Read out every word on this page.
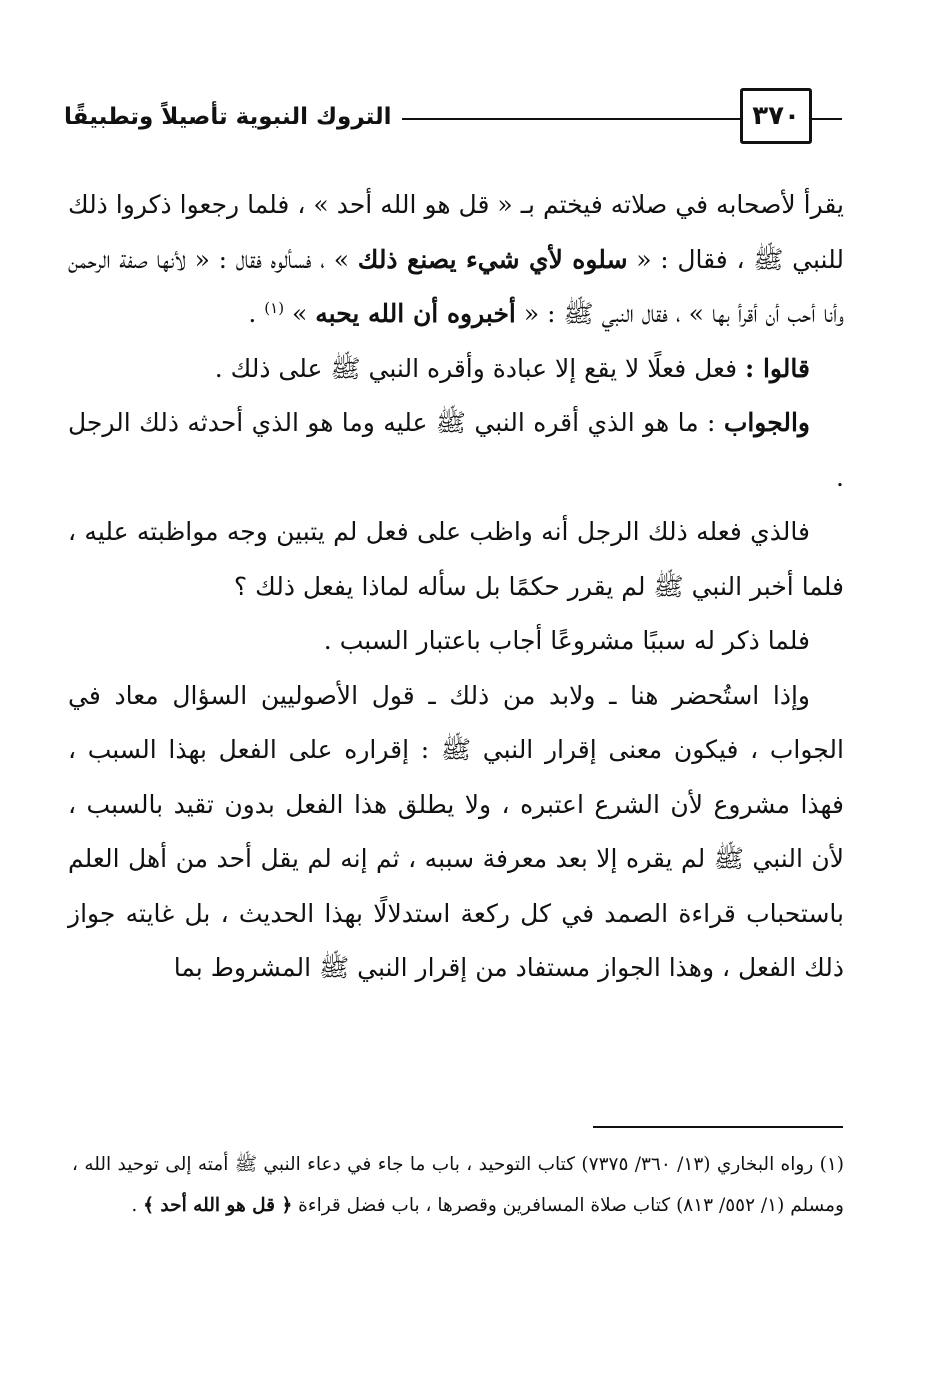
التروك النبوية تأصيلاً وتطبيقًا	٣٧٠

يقرأ لأصحابه في صلاته فيختم بـ « قل هو الله أحد » ، فلما رجعوا ذكروا ذلك للنبي ﷺ ، فقال : « سلوه لأي شيء يصنع ذلك » ، فسألوه فقال : « لأنها صفة الرحمن وأنا أحب أن أقرأ بها » ، فقال النبي ﷺ : « أخبروه أن الله يحبه » $^{(١)}$ .

قالوا : فعل فعلًا لا يقع إلا عبادة وأقره النبي ﷺ على ذلك .

والجواب : ما هو الذي أقره النبي ﷺ عليه وما هو الذي أحدثه ذلك الرجل .

فالذي فعله ذلك الرجل أنه واظب على فعل لم يتبين وجه مواظبته عليه ، فلما أخبر النبي ﷺ لم يقرر حكمًا بل سأله لماذا يفعل ذلك ؟

فلما ذكر له سببًا مشروعًا أجاب باعتبار السبب .

وإذا استُحضر هنا ـ ولابد من ذلك ـ قول الأصوليين السؤال معاد في الجواب ، فيكون معنى إقرار النبي ﷺ : إقراره على الفعل بهذا السبب ، فهذا مشروع لأن الشرع اعتبره ، ولا يطلق هذا الفعل بدون تقيد بالسبب ، لأن النبي ﷺ لم يقره إلا بعد معرفة سببه ، ثم إنه لم يقل أحد من أهل العلم باستحباب قراءة الصمد في كل ركعة استدلالًا بهذا الحديث ، بل غايته جواز ذلك الفعل ، وهذا الجواز مستفاد من إقرار النبي ﷺ المشروط بما

(١) رواه البخاري (١٣/ ٣٦٠/ ٧٣٧٥) كتاب التوحيد ، باب ما جاء في دعاء النبي ﷺ أمته إلى توحيد الله ، ومسلم (١/ ٥٥٢/ ٨١٣) كتاب صلاة المسافرين وقصرها ، باب فضل قراءة ﴿ قل هو الله أحد ﴾ .
